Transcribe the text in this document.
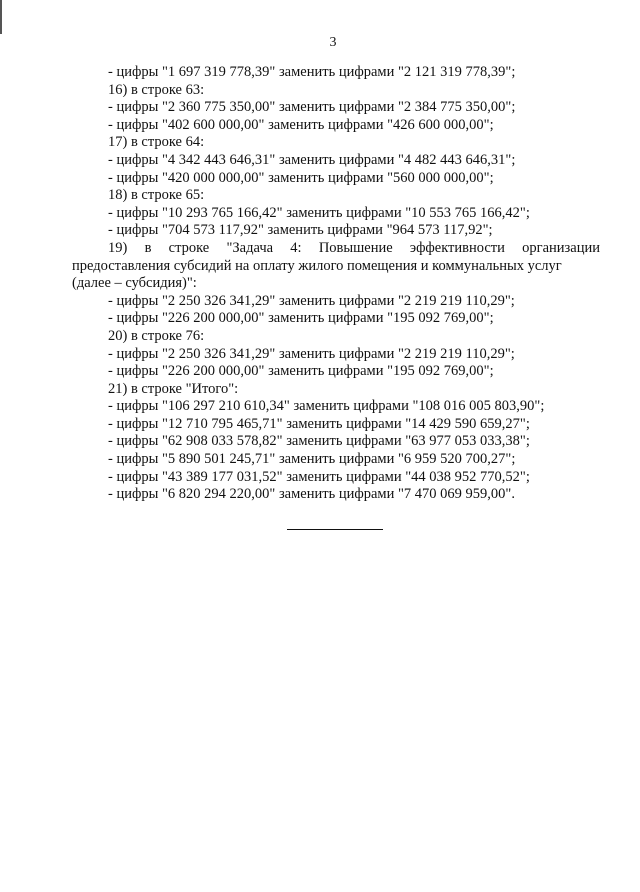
3

- цифры "1 697 319 778,39" заменить цифрами "2 121 319 778,39";

16) в строке 63:

- цифры "2 360 775 350,00" заменить цифрами "2 384 775 350,00";

- цифры "402 600 000,00" заменить цифрами "426 600 000,00";

17) в строке 64:

- цифры "4 342 443 646,31" заменить цифрами "4 482 443 646,31";

- цифры "420 000 000,00" заменить цифрами "560 000 000,00";

18) в строке 65:

- цифры "10 293 765 166,42" заменить цифрами "10 553 765 166,42";

- цифры "704 573 117,92" заменить цифрами "964 573 117,92";

19) в строке "Задача 4: Повышение эффективности организации

предоставления субсидий на оплату жилого помещения и коммунальных услуг

(далее – субсидия)":

- цифры "2 250 326 341,29" заменить цифрами "2 219 219 110,29";

- цифры "226 200 000,00" заменить цифрами "195 092 769,00";

20) в строке 76:

- цифры "2 250 326 341,29" заменить цифрами "2 219 219 110,29";

- цифры "226 200 000,00" заменить цифрами "195 092 769,00";

21) в строке "Итого":

- цифры "106 297 210 610,34" заменить цифрами "108 016 005 803,90";

- цифры "12 710 795 465,71" заменить цифрами "14 429 590 659,27";

- цифры "62 908 033 578,82" заменить цифрами "63 977 053 033,38";

- цифры "5 890 501 245,71" заменить цифрами "6 959 520 700,27";

- цифры "43 389 177 031,52" заменить цифрами "44 038 952 770,52";

- цифры "6 820 294 220,00" заменить цифрами "7 470 069 959,00".
